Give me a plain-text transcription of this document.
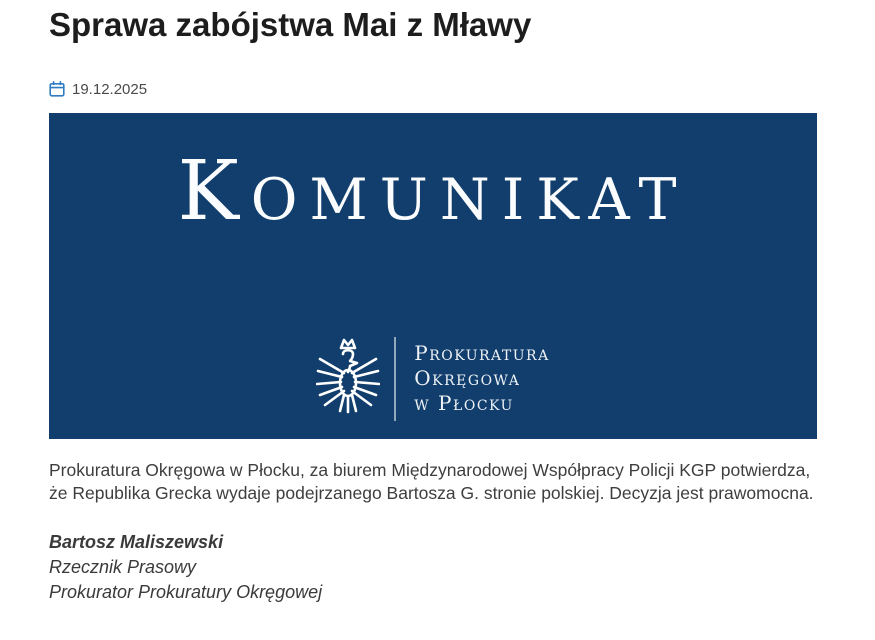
Sprawa zabójstwa Mai z Mławy
19.12.2025
Komunikat
Prokuratura
Okręgowa
w Płocku

Prokuratura Okręgowa w Płocku, za biurem Międzynarodowej Współpracy Policji KGP potwierdza, że Republika Grecka wydaje podejrzanego Bartosza G. stronie polskiej. Decyzja jest prawomocna.

Bartosz Maliszewski
Rzecznik Prasowy
Prokurator Prokuratury Okręgowej
